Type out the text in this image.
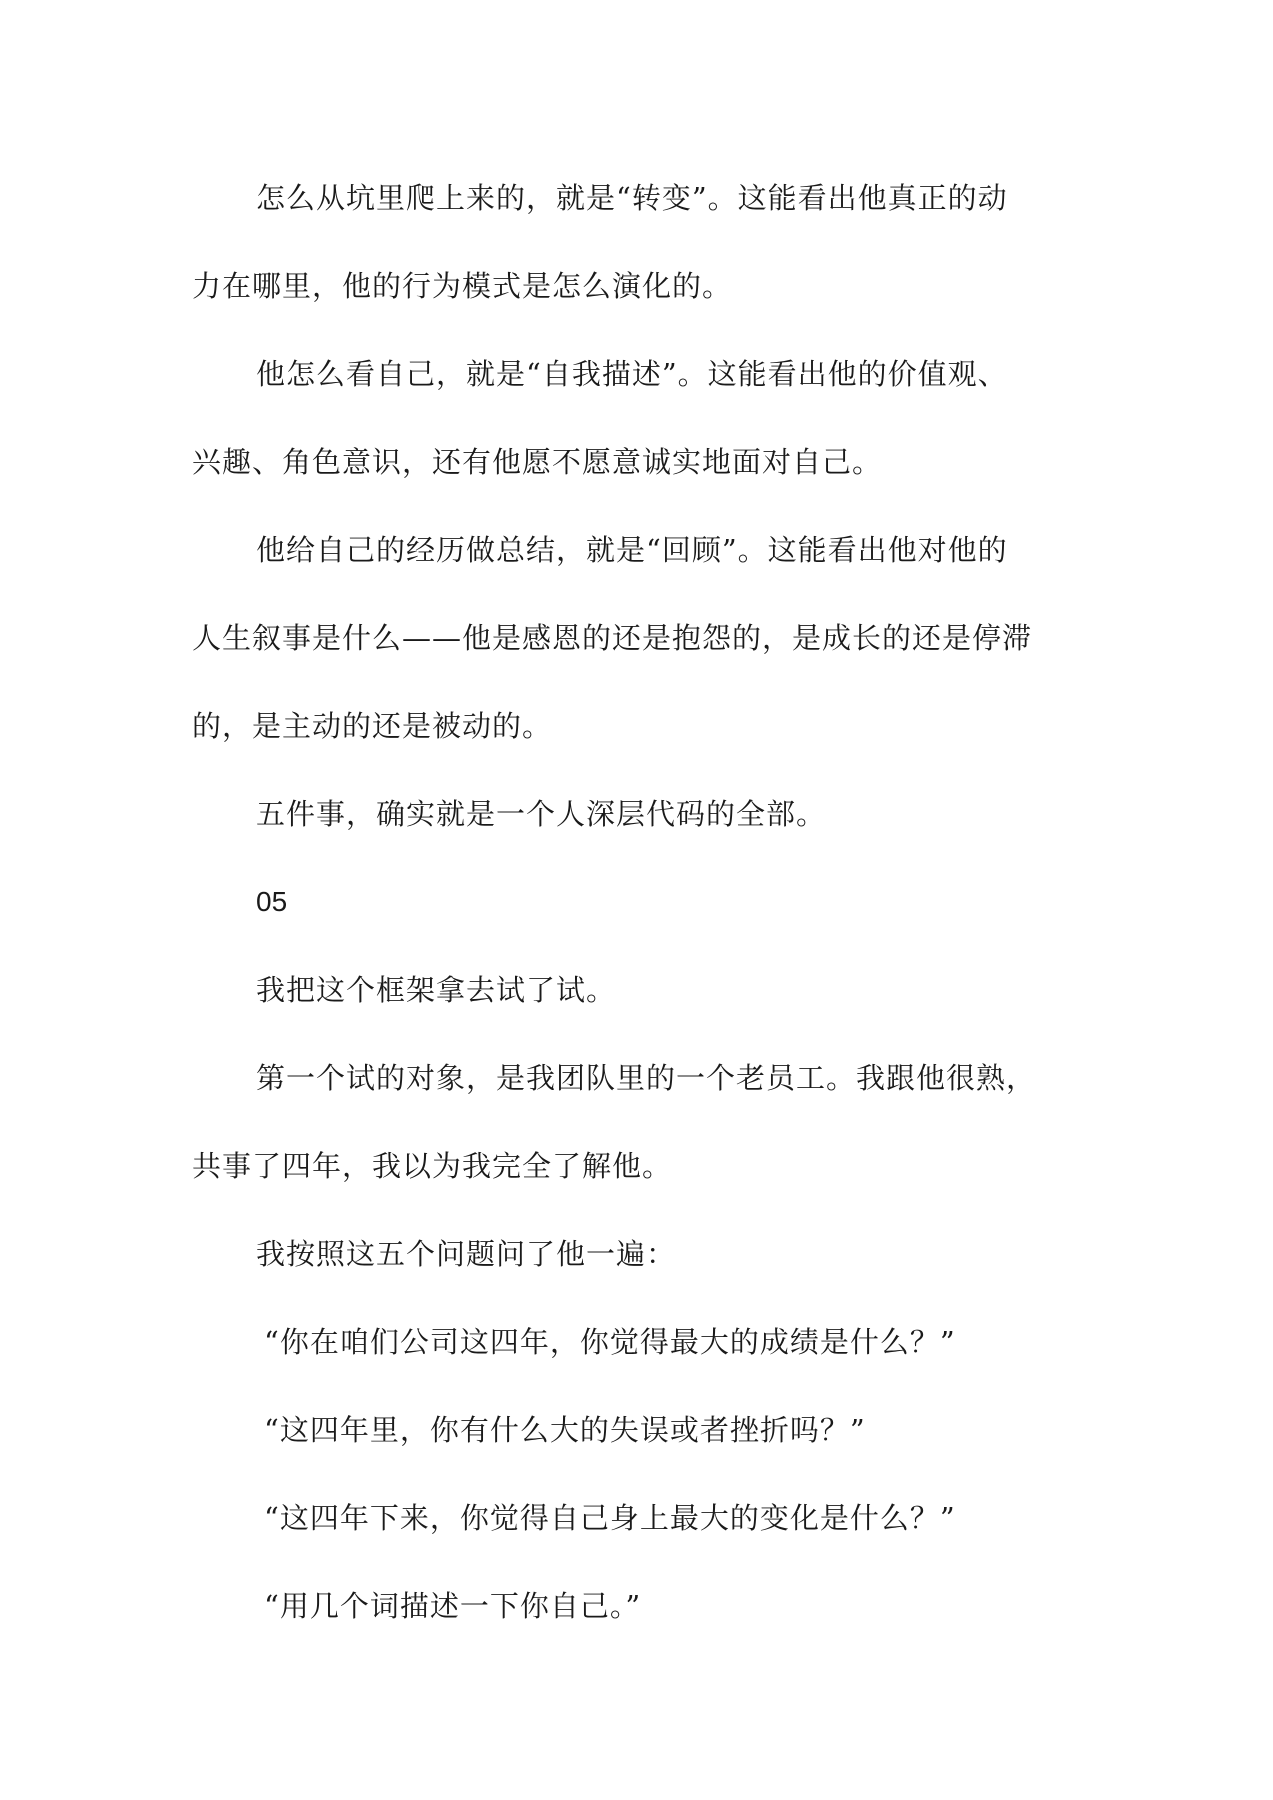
怎么从坑里爬上来的，就是“转变”。这能看出他真正的动
力在哪里，他的行为模式是怎么演化的。

他怎么看自己，就是“自我描述”。这能看出他的价值观、
兴趣、角色意识，还有他愿不愿意诚实地面对自己。

他给自己的经历做总结，就是“回顾”。这能看出他对他的
人生叙事是什么——他是感恩的还是抱怨的，是成长的还是停滞
的，是主动的还是被动的。

五件事，确实就是一个人深层代码的全部。

05

我把这个框架拿去试了试。

第一个试的对象，是我团队里的一个老员工。我跟他很熟，
共事了四年，我以为我完全了解他。

我按照这五个问题问了他一遍：

“你在咱们公司这四年，你觉得最大的成绩是什么？”
“这四年里，你有什么大的失误或者挫折吗？”
“这四年下来，你觉得自己身上最大的变化是什么？”
“用几个词描述一下你自己。”
